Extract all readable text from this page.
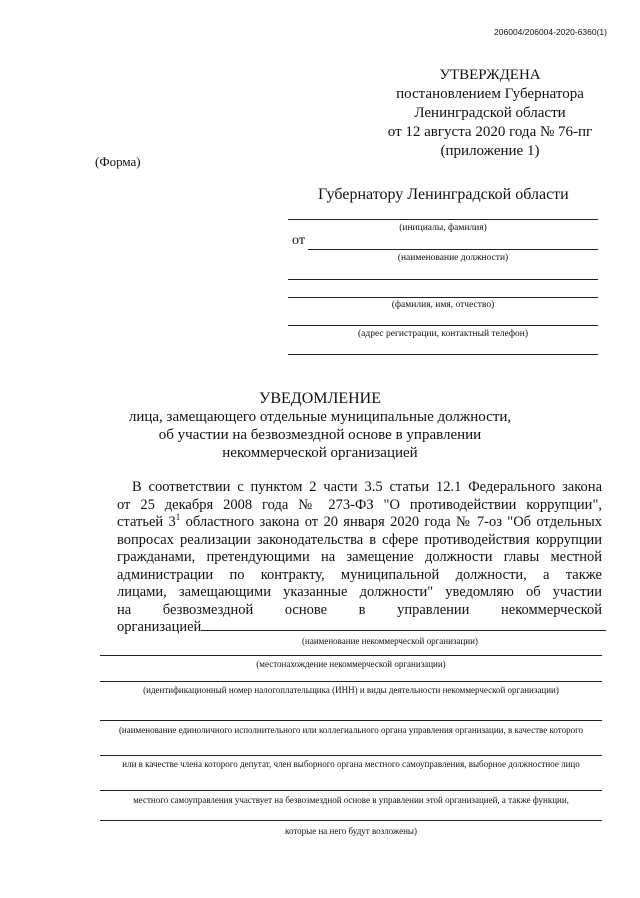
206004/206004-2020-6360(1)
УТВЕРЖДЕНА
постановлением Губернатора
Ленинградской области
от 12 августа 2020 года № 76-пг
(приложение 1)
(Форма)
Губернатору Ленинградской области
(инициалы, фамилия)
от
(наименование должности)
(фамилия, имя, отчество)
(адрес регистрации, контактный телефон)
УВЕДОМЛЕНИЕ
лица, замещающего отдельные муниципальные должности,
об участии на безвозмездной основе в управлении
некоммерческой организацией
В соответствии с пунктом 2 части 3.5 статьи 12.1 Федерального закона
от 25 декабря 2008 года № 273-ФЗ "О противодействии коррупции",
статьей $3^1$ областного закона от 20 января 2020 года № 7-оз "Об отдельных
вопросах реализации законодательства в сфере противодействия коррупции
гражданами, претендующими на замещение должности главы местной
администрации по контракту, муниципальной должности, а также
лицами, замещающими указанные должности" уведомляю об участии
на безвозмездной основе в управлении некоммерческой
организацией
(наименование некоммерческой организации)
(местонахождение некоммерческой организации)
(идентификационный номер налогоплательщика (ИНН) и виды деятельности некоммерческой организации)
(наименование единоличного исполнительного или коллегиального органа управления организации, в качестве которого
или в качестве члена которого депутат, член выборного органа местного самоуправления, выборное должностное лицо
местного самоуправления участвует на безвозмездной основе в управлении этой организацией, а также функции,
которые на него будут возложены)
